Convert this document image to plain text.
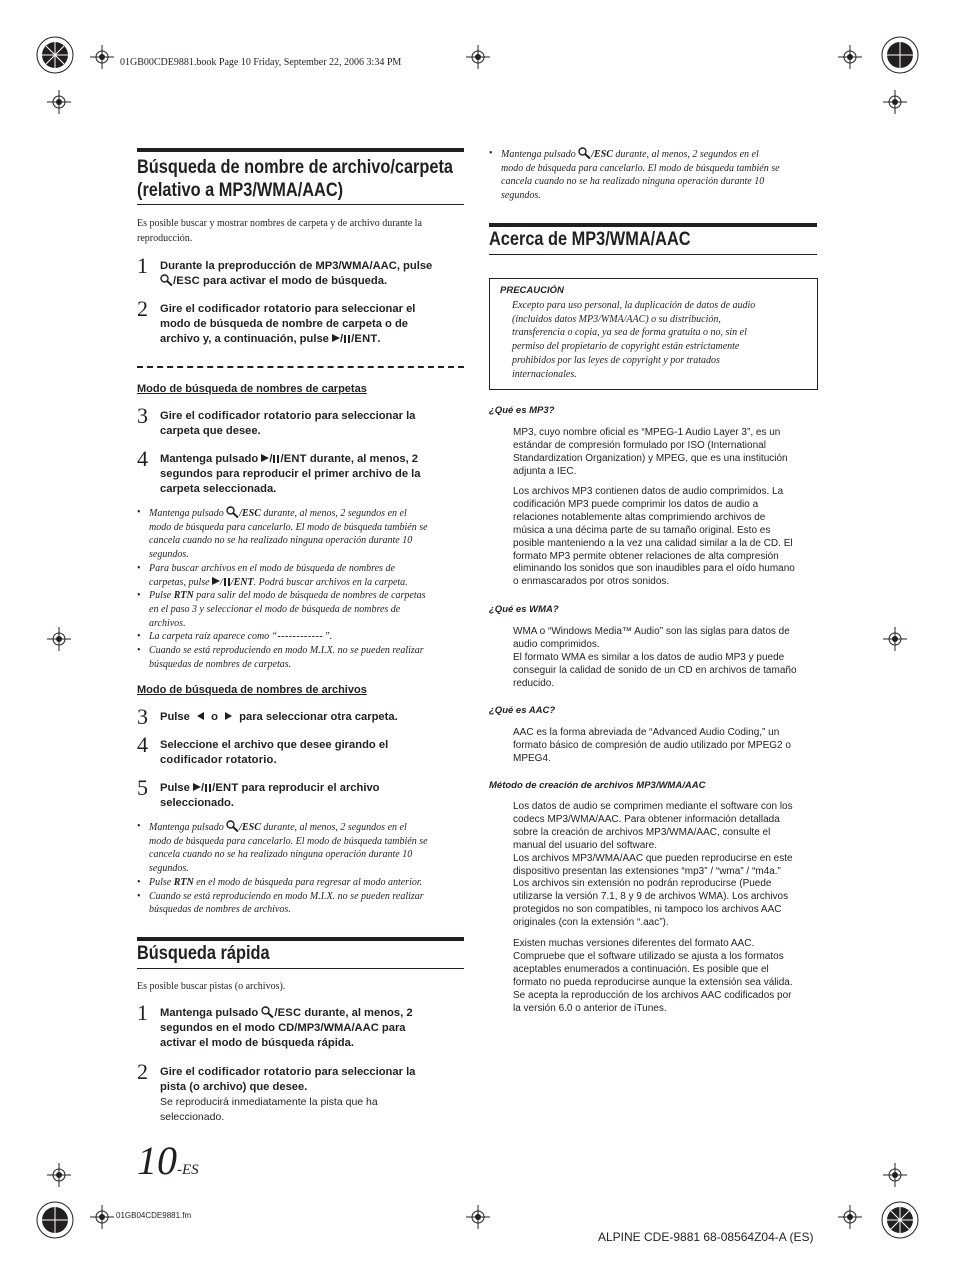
01GB00CDE9881.book Page 10 Friday, September 22, 2006 3:34 PM
Búsqueda de nombre de archivo/carpeta
(relativo a MP3/WMA/AAC)
Es posible buscar y mostrar nombres de carpeta y de archivo durante la
reproducción.
1 Durante la preproducción de MP3/WMA/AAC, pulse
/ESC para activar el modo de búsqueda.
2 Gire el codificador rotatorio para seleccionar el
modo de búsqueda de nombre de carpeta o de
archivo y, a continuación, pulse / /ENT.
Modo de búsqueda de nombres de carpetas
3 Gire el codificador rotatorio para seleccionar la
carpeta que desee.
4 Mantenga pulsado / /ENT durante, al menos, 2
segundos para reproducir el primer archivo de la
carpeta seleccionada.
• Mantenga pulsado /ESC durante, al menos, 2 segundos en el
modo de búsqueda para cancelarlo. El modo de búsqueda también se
cancela cuando no se ha realizado ninguna operación durante 10
segundos.
• Para buscar archivos en el modo de búsqueda de nombres de
carpetas, pulse / /ENT. Podrá buscar archivos en la carpeta.
• Pulse RTN para salir del modo de búsqueda de nombres de carpetas
en el paso 3 y seleccionar el modo de búsqueda de nombres de
archivos.
• La carpeta raíz aparece como “- - - - - - - - - - - - ”.
• Cuando se está reproduciendo en modo M.I.X. no se pueden realizar
búsquedas de nombres de carpetas.
Modo de búsqueda de nombres de archivos
3 Pulse  o  para seleccionar otra carpeta.
4 Seleccione el archivo que desee girando el
codificador rotatorio.
5 Pulse / /ENT para reproducir el archivo
seleccionado.
• Mantenga pulsado /ESC durante, al menos, 2 segundos en el
modo de búsqueda para cancelarlo. El modo de búsqueda también se
cancela cuando no se ha realizado ninguna operación durante 10
segundos.
• Pulse RTN en el modo de búsqueda para regresar al modo anterior.
• Cuando se está reproduciendo en modo M.I.X. no se pueden realizar
búsquedas de nombres de archivos.
Búsqueda rápida
Es posible buscar pistas (o archivos).
1 Mantenga pulsado /ESC durante, al menos, 2
segundos en el modo CD/MP3/WMA/AAC para
activar el modo de búsqueda rápida.
2 Gire el codificador rotatorio para seleccionar la
pista (o archivo) que desee.
Se reproducirá inmediatamente la pista que ha
seleccionado.
• Mantenga pulsado /ESC durante, al menos, 2 segundos en el
modo de búsqueda para cancelarlo. El modo de búsqueda también se
cancela cuando no se ha realizado ninguna operación durante 10
segundos.
Acerca de MP3/WMA/AAC
PRECAUCIÓN
Excepto para uso personal, la duplicación de datos de audio
(incluidos datos MP3/WMA/AAC) o su distribución,
transferencia o copia, ya sea de forma gratuita o no, sin el
permiso del propietario de copyright están estrictamente
prohibidos por las leyes de copyright y por tratados
internacionales.
¿Qué es MP3?
MP3, cuyo nombre oficial es “MPEG-1 Audio Layer 3”, es un
estándar de compresión formulado por ISO (International
Standardization Organization) y MPEG, que es una institución
adjunta a IEC.
Los archivos MP3 contienen datos de audio comprimidos. La
codificación MP3 puede comprimir los datos de audio a
relaciones notablemente altas comprimiendo archivos de
música a una décima parte de su tamaño original. Esto es
posible manteniendo a la vez una calidad similar a la de CD. El
formato MP3 permite obtener relaciones de alta compresión
eliminando los sonidos que son inaudibles para el oído humano
o enmascarados por otros sonidos.
¿Qué es WMA?
WMA o “Windows Media™ Audio” son las siglas para datos de
audio comprimidos.
El formato WMA es similar a los datos de audio MP3 y puede
conseguir la calidad de sonido de un CD en archivos de tamaño
reducido.
¿Qué es AAC?
AAC es la forma abreviada de “Advanced Audio Coding,” un
formato básico de compresión de audio utilizado por MPEG2 o
MPEG4.
Método de creación de archivos MP3/WMA/AAC
Los datos de audio se comprimen mediante el software con los
codecs MP3/WMA/AAC. Para obtener información detallada
sobre la creación de archivos MP3/WMA/AAC, consulte el
manual del usuario del software.
Los archivos MP3/WMA/AAC que pueden reproducirse en este
dispositivo presentan las extensiones “mp3” / “wma” / “m4a.”
Los archivos sin extensión no podrán reproducirse (Puede
utilizarse la versión 7.1, 8 y 9 de archivos WMA). Los archivos
protegidos no son compatibles, ni tampoco los archivos AAC
originales (con la extensión “.aac”).
Existen muchas versiones diferentes del formato AAC.
Compruebe que el software utilizado se ajusta a los formatos
aceptables enumerados a continuación. Es posible que el
formato no pueda reproducirse aunque la extensión sea válida.
Se acepta la reproducción de los archivos AAC codificados por
la versión 6.0 o anterior de iTunes.
10-ES
01GB04CDE9881.fm
ALPINE CDE-9881 68-08564Z04-A (ES)
